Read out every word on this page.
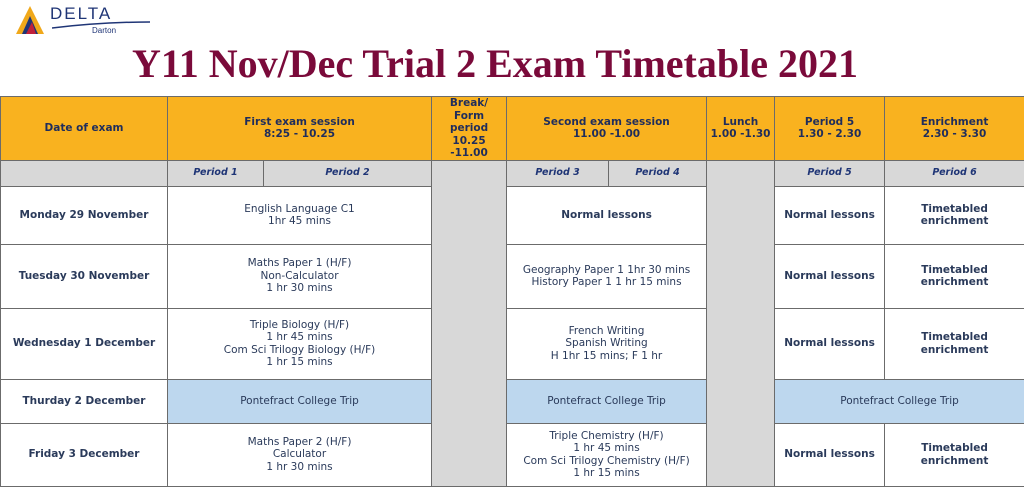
DELTA
Darton
Y11 Nov/Dec Trial 2 Exam Timetable 2021
Date of exam	First exam session
8:25 - 10.25		Break/
Form period
10.25 -11.00	Second exam session
11.00 -1.00		Lunch
1.00 -1.30	Period 5
1.30 - 2.30	Enrichment
2.30 - 3.30

	Period 1	Period 2		Period 3	Period 4		Period 5	Period 6
Monday 29 November	English Language C1
1hr 45 mins			Normal lessons			Normal lessons	Timetabled enrichment
Tuesday 30 November	Maths Paper 1 (H/F)
Non-Calculator
1 hr 30 mins			Geography Paper 1 1hr 30 mins
History Paper 1 1 hr 15 mins			Normal lessons	Timetabled enrichment
Wednesday 1 December	Triple Biology (H/F)
1 hr 45 mins
Com Sci Trilogy Biology (H/F)
1 hr 15 mins			French Writing
Spanish Writing
H 1hr 15 mins; F 1 hr			Normal lessons	Timetabled enrichment
Thurday 2 December	Pontefract College Trip			Pontefract College Trip			Pontefract College Trip	
Friday 3 December	Maths Paper 2 (H/F)
Calculator
1 hr 30 mins			Triple Chemistry (H/F)
1 hr 45 mins
Com Sci Trilogy Chemistry (H/F)
1 hr 15 mins			Normal lessons	Timetabled enrichment
